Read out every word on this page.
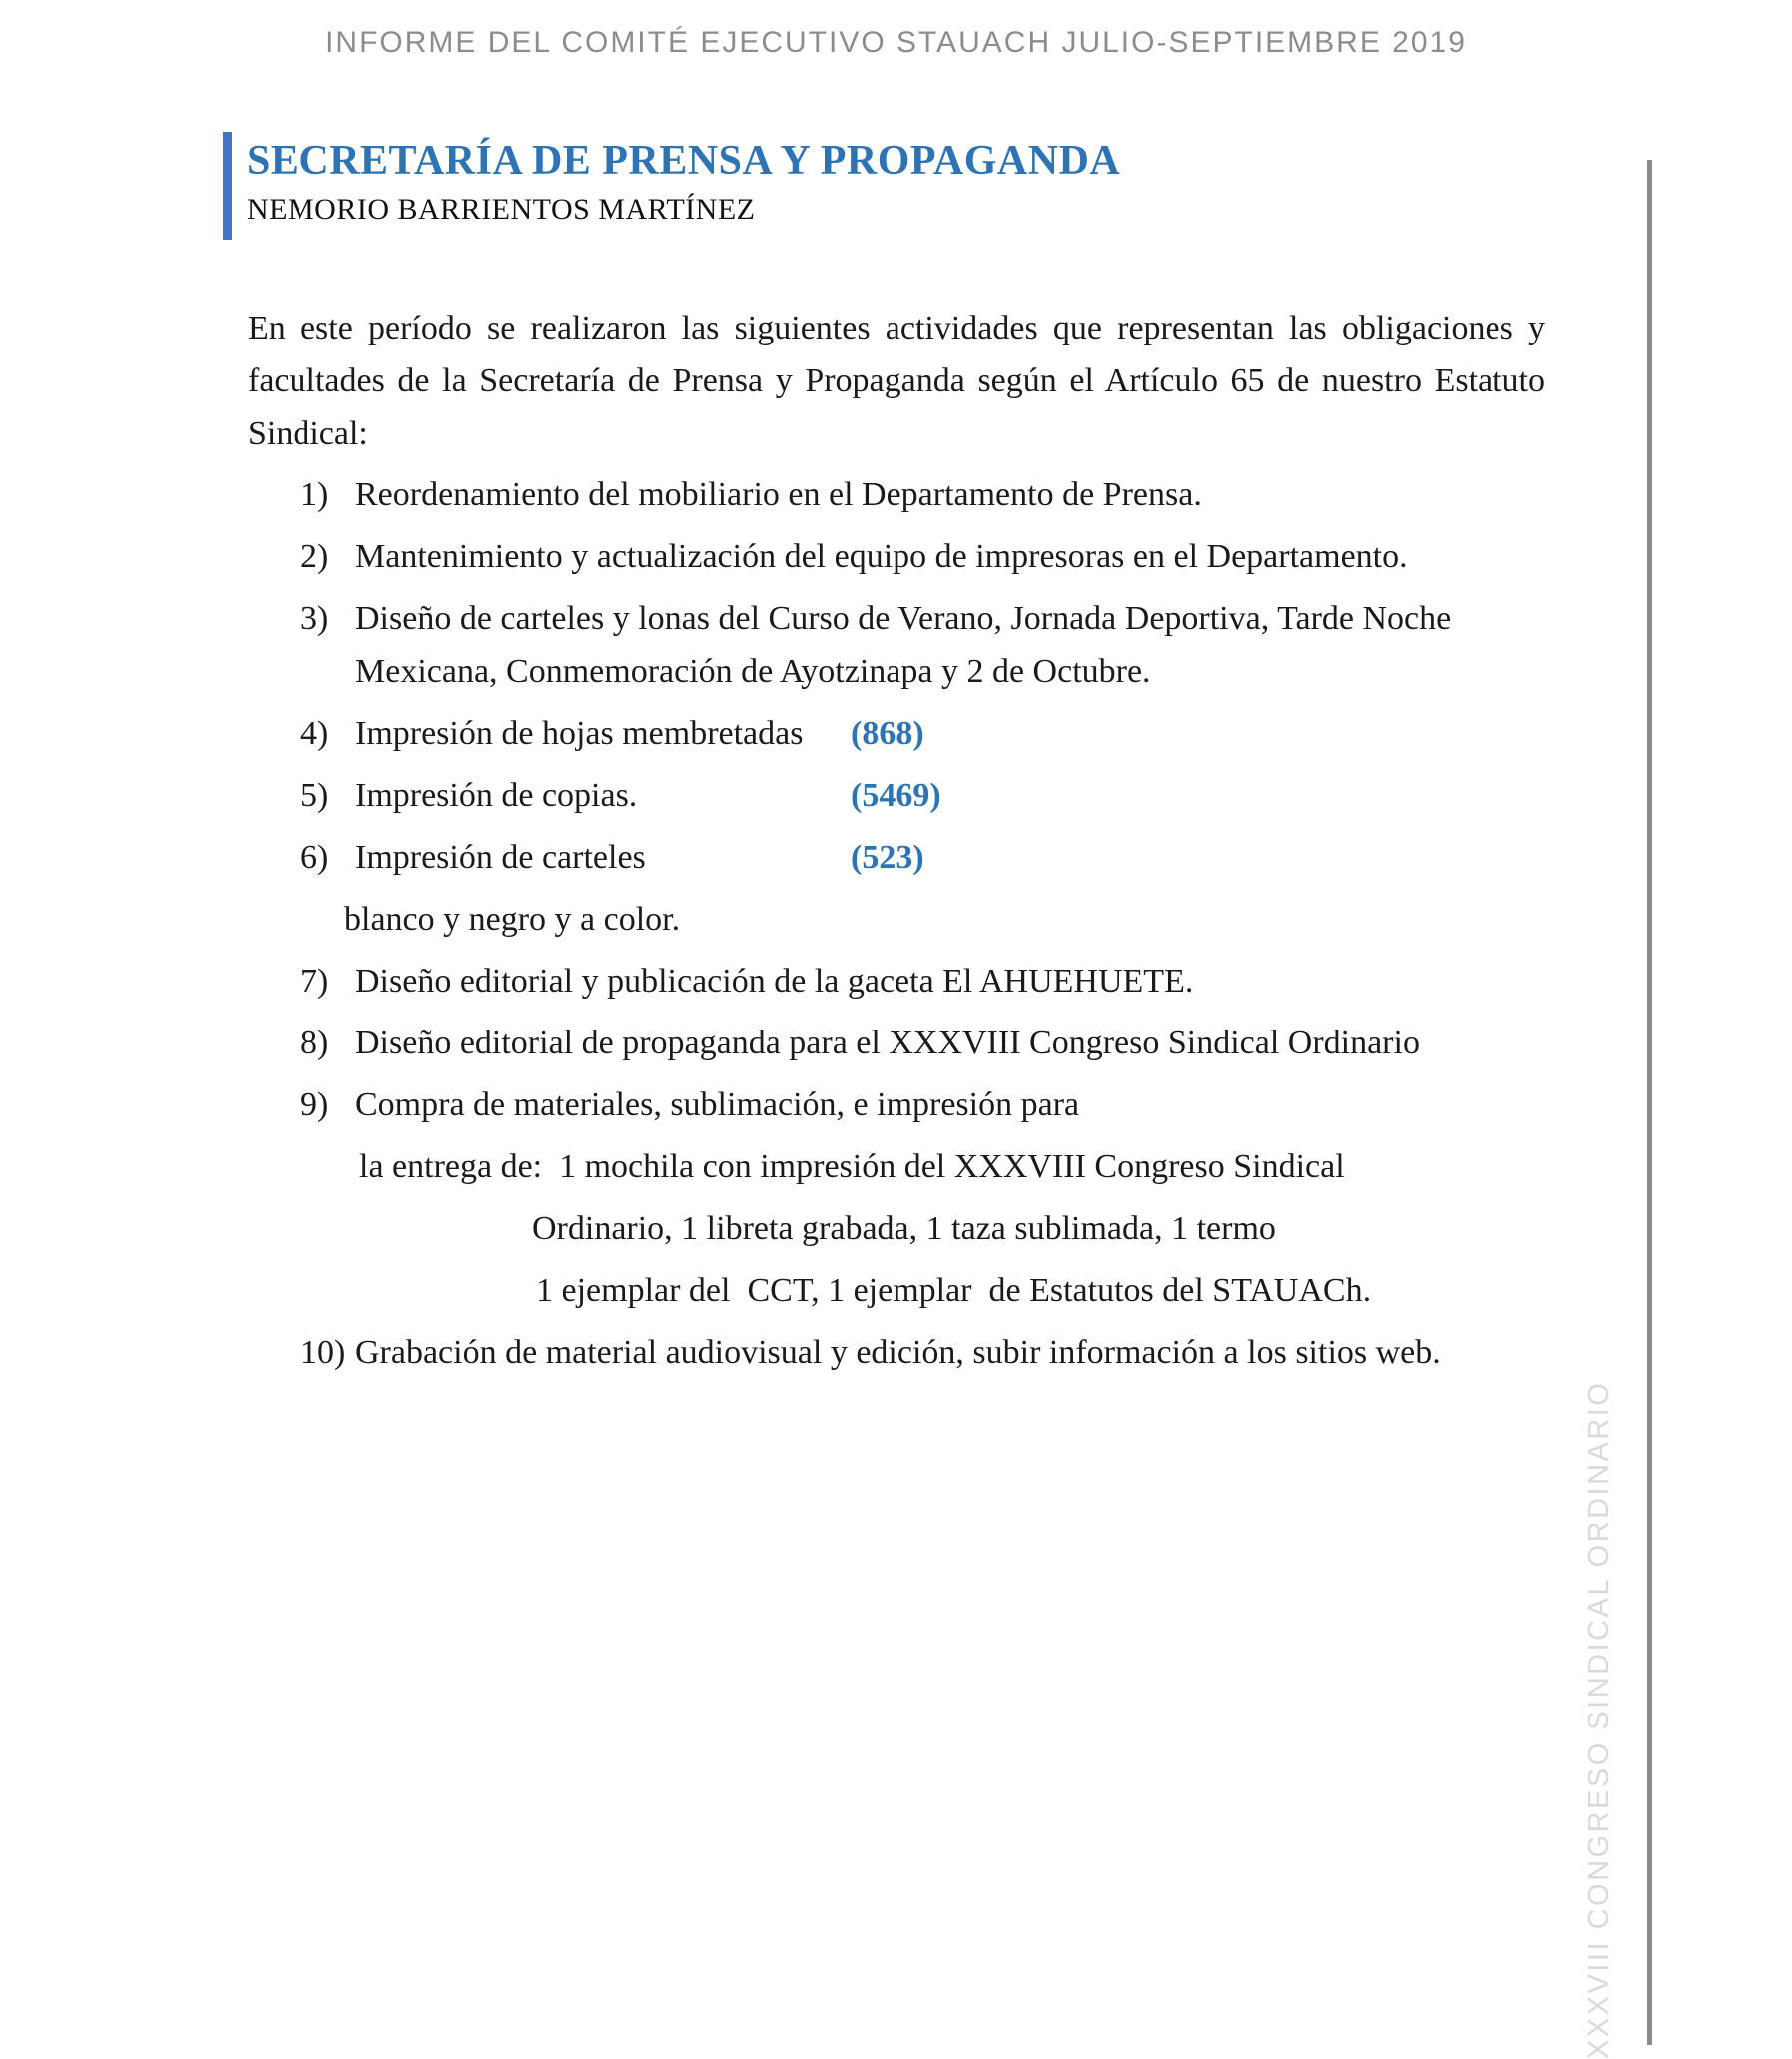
INFORME DEL COMITÉ EJECUTIVO STAUACH JULIO-SEPTIEMBRE 2019
SECRETARÍA DE PRENSA Y PROPAGANDA
NEMORIO BARRIENTOS MARTÍNEZ
En este período se realizaron las siguientes actividades que representan las obligaciones y facultades de la Secretaría de Prensa y Propaganda según el Artículo 65 de nuestro Estatuto Sindical:
1) Reordenamiento del mobiliario en el Departamento de Prensa.
2) Mantenimiento y actualización del equipo de impresoras en el Departamento.
3) Diseño de carteles y lonas del Curso de Verano, Jornada Deportiva, Tarde Noche
Mexicana, Conmemoración de Ayotzinapa y 2 de Octubre.
4) Impresión de hojas membretadas	(868)
5) Impresión de copias.	(5469)
6) Impresión de carteles	(523)
blanco y negro y a color.
7) Diseño editorial y publicación de la gaceta El AHUEHUETE.
8) Diseño editorial de propaganda para el XXXVIII Congreso Sindical Ordinario
9) Compra de materiales, sublimación, e impresión para
la entrega de:  1 mochila con impresión del XXXVIII Congreso Sindical
Ordinario, 1 libreta grabada, 1 taza sublimada, 1 termo
1 ejemplar del  CCT, 1 ejemplar  de Estatutos del STAUACh.
10) Grabación de material audiovisual y edición, subir información a los sitios web.
XXXVIII CONGRESO SINDICAL ORDINARIO
